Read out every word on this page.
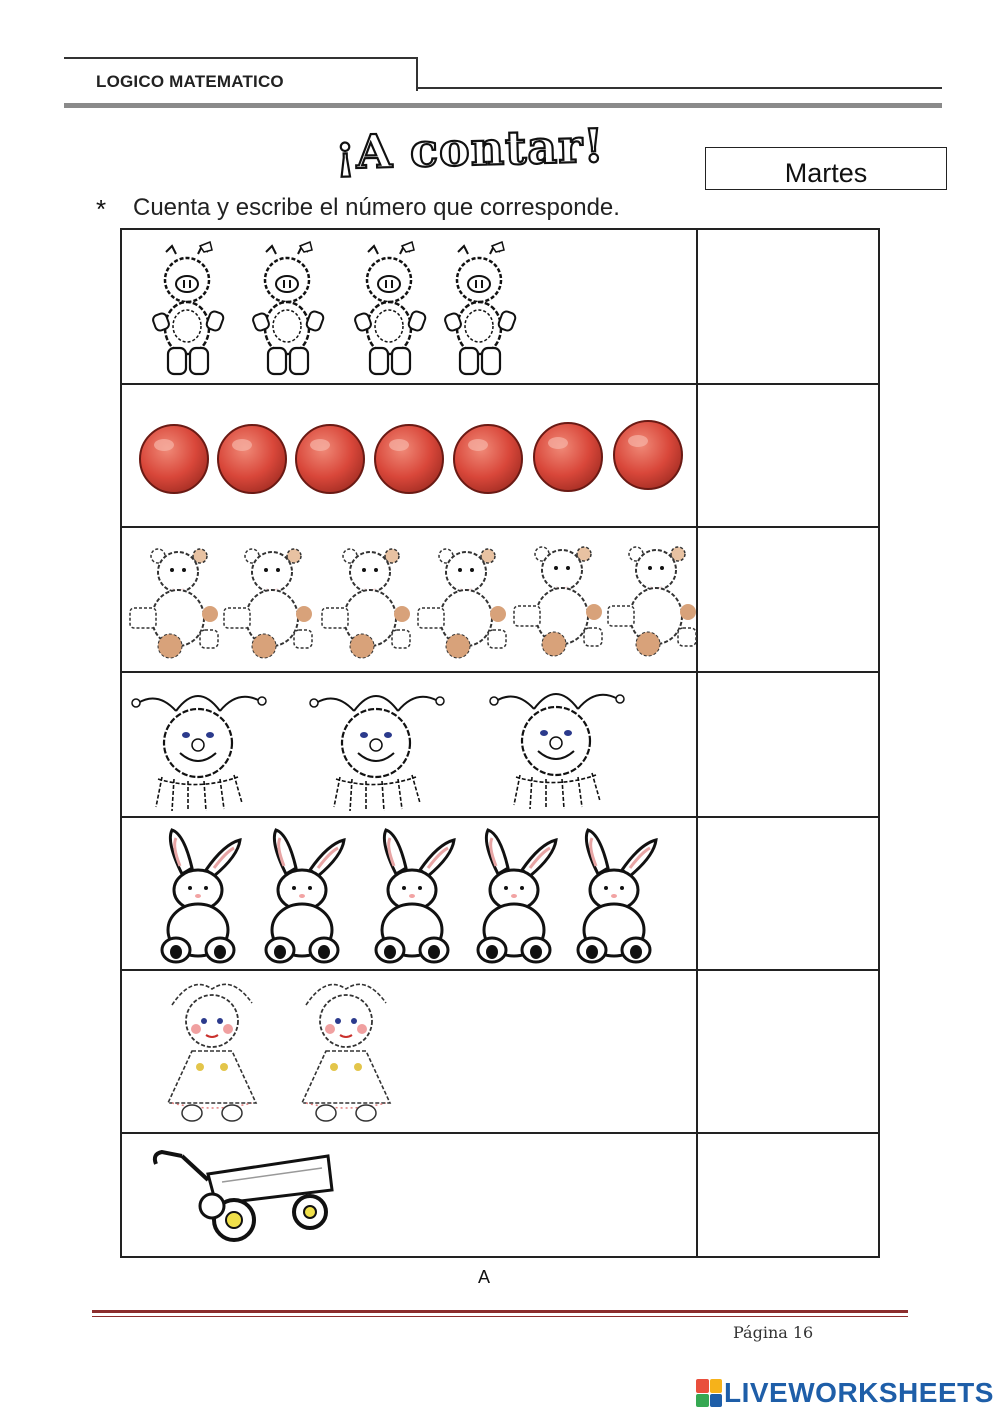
LOGICO MATEMATICO
¡A contar!	Martes
* Cuenta y escribe el número que corresponde.
A
Página 16
LIVEWORKSHEETS
